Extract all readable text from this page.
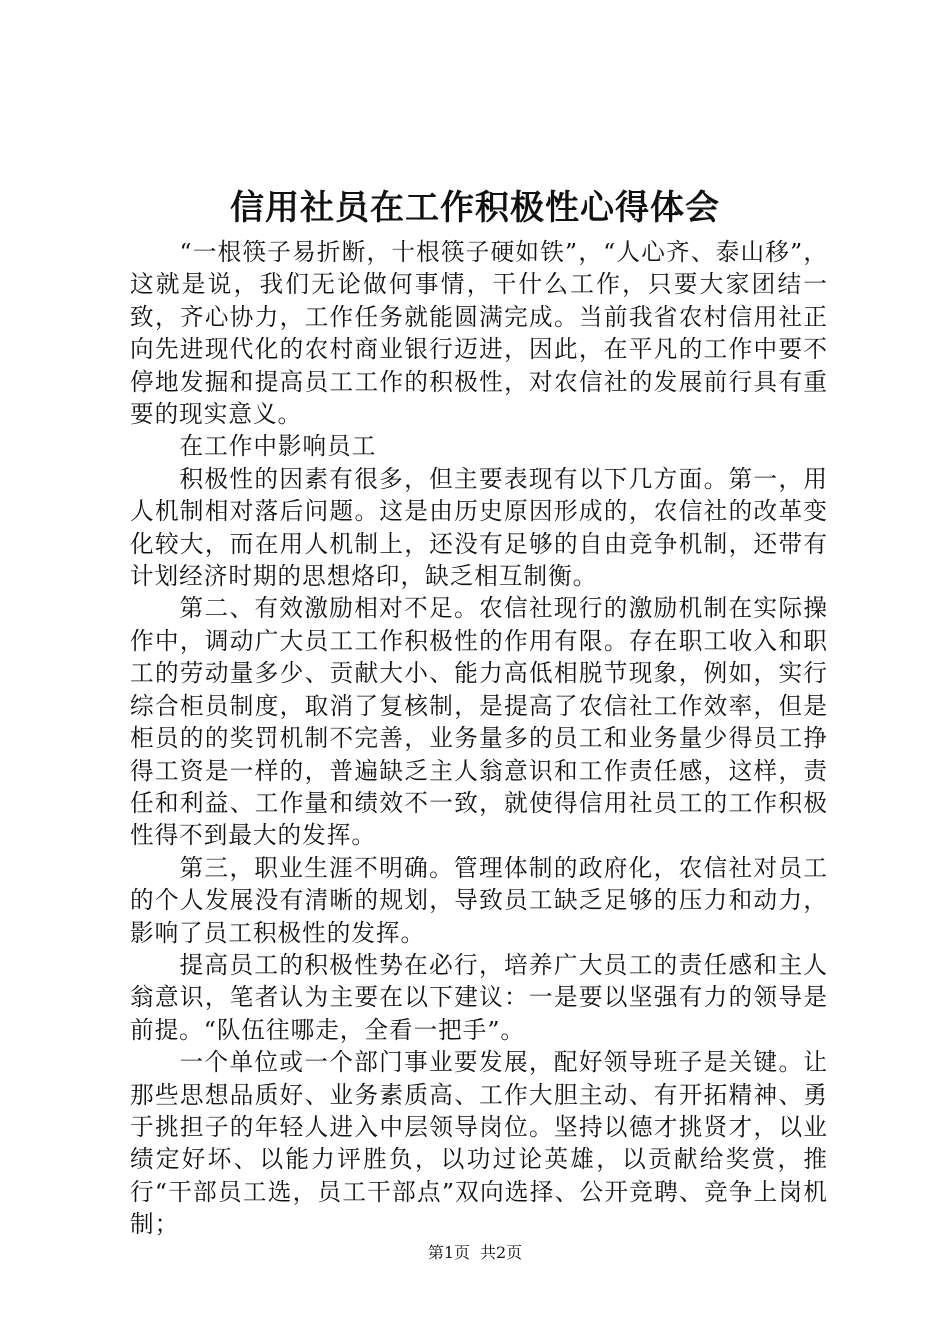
信用社员在工作积极性心得体会

“一根筷子易折断，十根筷子硬如铁”，“人心齐、泰山移”，这就是说，我们无论做何事情，干什么工作，只要大家团结一致，齐心协力，工作任务就能圆满完成。当前我省农村信用社正向先进现代化的农村商业银行迈进，因此，在平凡的工作中要不停地发掘和提高员工工作的积极性，对农信社的发展前行具有重要的现实意义。

在工作中影响员工

积极性的因素有很多，但主要表现有以下几方面。第一，用人机制相对落后问题。这是由历史原因形成的，农信社的改革变化较大，而在用人机制上，还没有足够的自由竞争机制，还带有计划经济时期的思想烙印，缺乏相互制衡。

第二、有效激励相对不足。农信社现行的激励机制在实际操作中，调动广大员工工作积极性的作用有限。存在职工收入和职工的劳动量多少、贡献大小、能力高低相脱节现象，例如，实行综合柜员制度，取消了复核制，是提高了农信社工作效率，但是柜员的的奖罚机制不完善，业务量多的员工和业务量少得员工挣得工资是一样的，普遍缺乏主人翁意识和工作责任感，这样，责任和利益、工作量和绩效不一致，就使得信用社员工的工作积极性得不到最大的发挥。

第三，职业生涯不明确。管理体制的政府化，农信社对员工的个人发展没有清晰的规划，导致员工缺乏足够的压力和动力，影响了员工积极性的发挥。

提高员工的积极性势在必行，培养广大员工的责任感和主人翁意识，笔者认为主要在以下建议：一是要以坚强有力的领导是前提。“队伍往哪走，全看一把手”。

一个单位或一个部门事业要发展，配好领导班子是关键。让那些思想品质好、业务素质高、工作大胆主动、有开拓精神、勇于挑担子的年轻人进入中层领导岗位。坚持以德才挑贤才，以业绩定好坏、以能力评胜负，以功过论英雄，以贡献给奖赏，推行“干部员工选，员工干部点”双向选择、公开竞聘、竞争上岗机制；

第1页 共2页
